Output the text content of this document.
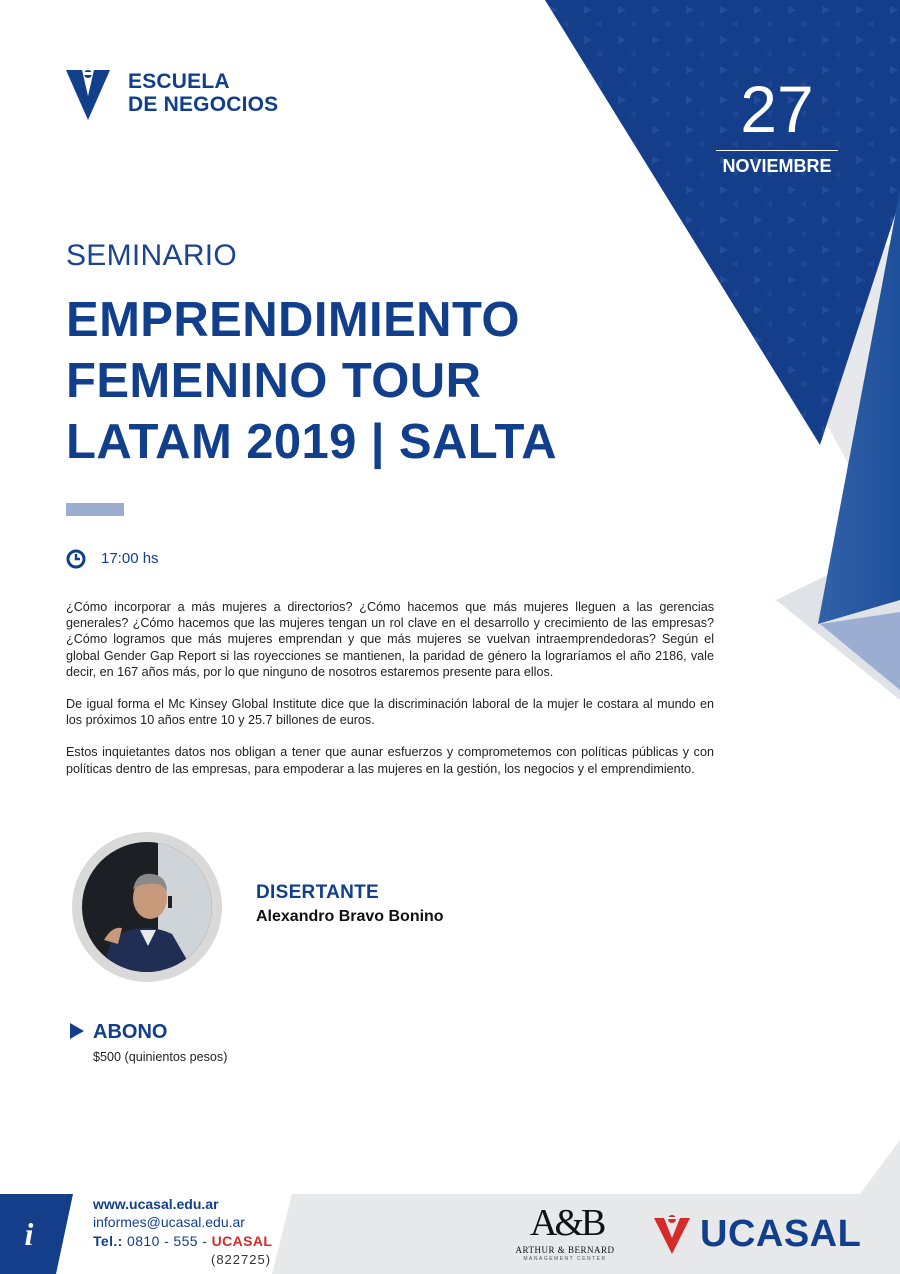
ESCUELA
DE NEGOCIOS	27
NOVIEMBRE
SEMINARIO
EMPRENDIMIENTO
FEMENINO TOUR
LATAM 2019 | SALTA
17:00 hs

¿Cómo incorporar a más mujeres a directorios? ¿Cómo hacemos que más mujeres lleguen a las gerencias generales? ¿Cómo hacemos que las mujeres tengan un rol clave en el desarrollo y crecimiento de las empresas? ¿Cómo logramos que más mujeres emprendan y que más mujeres se vuelvan intraemprendedoras? Según el global Gender Gap Report si las royecciones se mantienen, la paridad de género la lograríamos el año 2186, vale decir, en 167 años más, por lo que ninguno de nosotros estaremos presente para ellos.

De igual forma el Mc Kinsey Global Institute dice que la discriminación laboral de la mujer le costara al mundo en los próximos 10 años entre 10 y 25.7 billones de euros.

Estos inquietantes datos nos obligan a tener que aunar esfuerzos y comprometemos con políticas públicas y con políticas dentro de las empresas, para empoderar a las mujeres en la gestión, los negocios y el emprendimiento.

DISERTANTE
Alexandro Bravo Bonino
ABONO
$500 (quinientos pesos)
i
www.ucasal.edu.ar
informes@ucasal.edu.ar
Tel.: 0810 - 555 - UCASAL
(822725)
A&B
ARTHUR & BERNARD
MANAGEMENT CENTER
UCASAL
